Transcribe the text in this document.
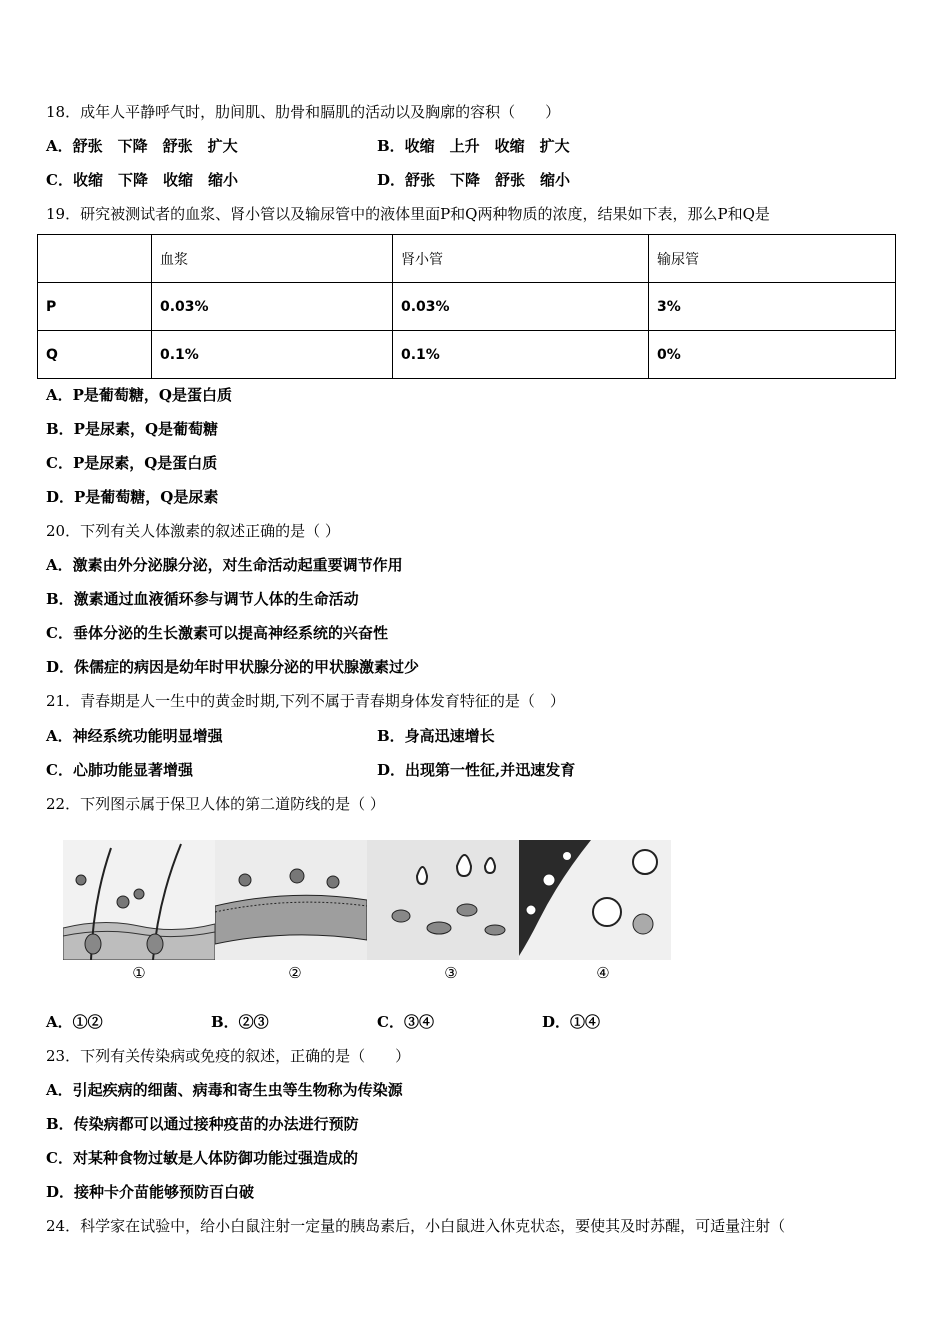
18．成年人平静呼气时，肋间肌、肋骨和膈肌的活动以及胸廓的容积（　　）
A．舒张　下降　舒张　扩大	B．收缩　上升　收缩　扩大
C．收缩　下降　收缩　缩小	D．舒张　下降　舒张　缩小
19．研究被测试者的血浆、肾小管以及输尿管中的液体里面P和Q两种物质的浓度，结果如下表，那么P和Q是
	血浆	肾小管	输尿管
P	0.03%	0.03%	3%
Q	0.1%	0.1%	0%
A．P是葡萄糖，Q是蛋白质
B．P是尿素，Q是葡萄糖
C．P是尿素，Q是蛋白质
D．P是葡萄糖，Q是尿素
20．下列有关人体激素的叙述正确的是（ ）
A．激素由外分泌腺分泌，对生命活动起重要调节作用
B．激素通过血液循环参与调节人体的生命活动
C．垂体分泌的生长激素可以提高神经系统的兴奋性
D．侏儒症的病因是幼年时甲状腺分泌的甲状腺激素过少
21．青春期是人一生中的黄金时期,下列不属于青春期身体发育特征的是（　）
A．神经系统功能明显增强	B．身高迅速增长
C．心肺功能显著增强	D．出现第一性征,并迅速发育
22．下列图示属于保卫人体的第二道防线的是（ ）
①	②	③	④
A．①②	B．②③	C．③④	D．①④
23．下列有关传染病或免疫的叙述，正确的是（　　）
A．引起疾病的细菌、病毒和寄生虫等生物称为传染源
B．传染病都可以通过接种疫苗的办法进行预防
C．对某种食物过敏是人体防御功能过强造成的
D．接种卡介苗能够预防百白破
24．科学家在试验中，给小白鼠注射一定量的胰岛素后，小白鼠进入休克状态，要使其及时苏醒，可适量注射（
